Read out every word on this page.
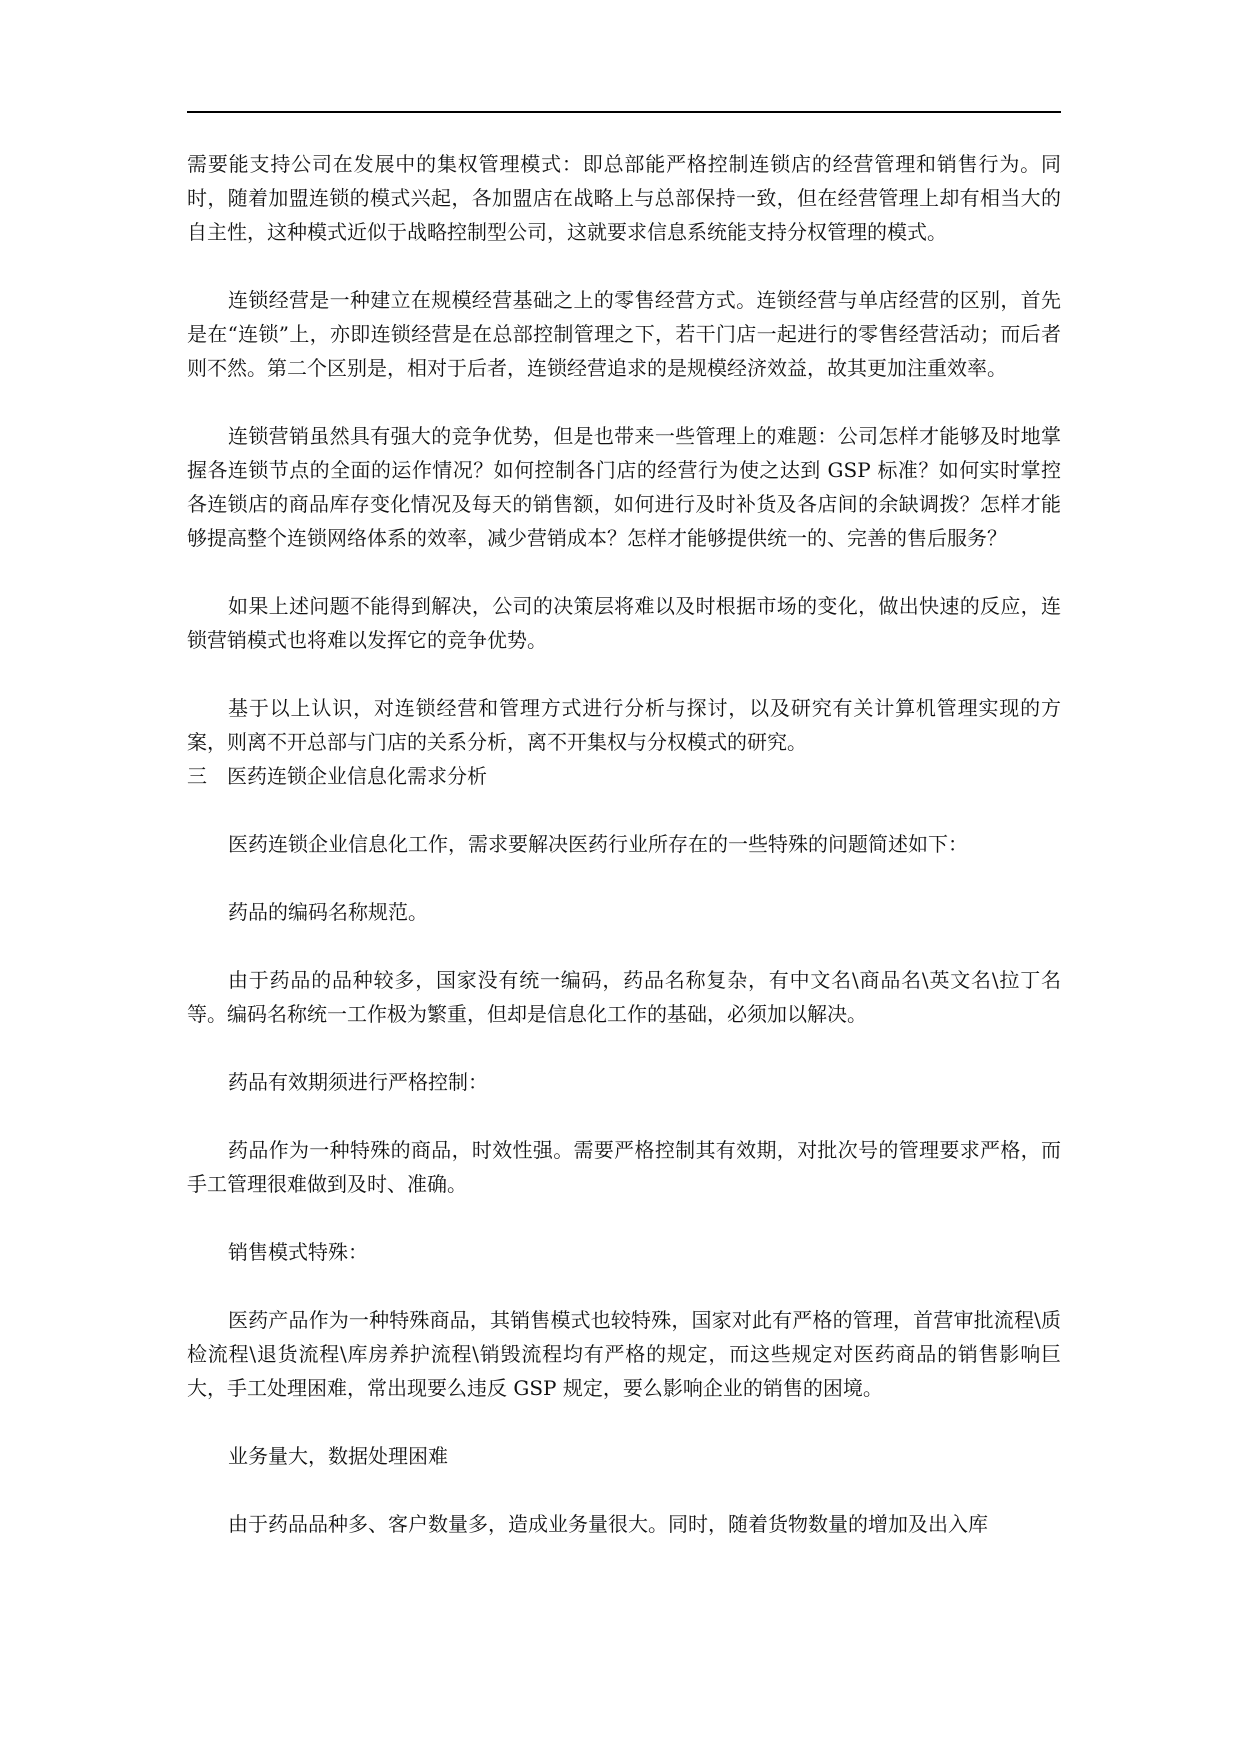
需要能支持公司在发展中的集权管理模式：即总部能严格控制连锁店的经营管理和销售行为。同时，随着加盟连锁的模式兴起，各加盟店在战略上与总部保持一致，但在经营管理上却有相当大的自主性，这种模式近似于战略控制型公司，这就要求信息系统能支持分权管理的模式。

连锁经营是一种建立在规模经营基础之上的零售经营方式。连锁经营与单店经营的区别，首先是在“连锁”上，亦即连锁经营是在总部控制管理之下，若干门店一起进行的零售经营活动；而后者则不然。第二个区别是，相对于后者，连锁经营追求的是规模经济效益，故其更加注重效率。

连锁营销虽然具有强大的竞争优势，但是也带来一些管理上的难题：公司怎样才能够及时地掌握各连锁节点的全面的运作情况？如何控制各门店的经营行为使之达到 GSP 标准？如何实时掌控各连锁店的商品库存变化情况及每天的销售额，如何进行及时补货及各店间的余缺调拨？怎样才能够提高整个连锁网络体系的效率，减少营销成本？怎样才能够提供统一的、完善的售后服务？

如果上述问题不能得到解决，公司的决策层将难以及时根据市场的变化，做出快速的反应，连锁营销模式也将难以发挥它的竞争优势。

基于以上认识，对连锁经营和管理方式进行分析与探讨，以及研究有关计算机管理实现的方案，则离不开总部与门店的关系分析，离不开集权与分权模式的研究。

三　医药连锁企业信息化需求分析

医药连锁企业信息化工作，需求要解决医药行业所存在的一些特殊的问题简述如下：

药品的编码名称规范。

由于药品的品种较多，国家没有统一编码，药品名称复杂，有中文名\商品名\英文名\拉丁名等。编码名称统一工作极为繁重，但却是信息化工作的基础，必须加以解决。

药品有效期须进行严格控制：

药品作为一种特殊的商品，时效性强。需要严格控制其有效期，对批次号的管理要求严格，而手工管理很难做到及时、准确。

销售模式特殊：

医药产品作为一种特殊商品，其销售模式也较特殊，国家对此有严格的管理，首营审批流程\质检流程\退货流程\库房养护流程\销毁流程均有严格的规定，而这些规定对医药商品的销售影响巨大，手工处理困难，常出现要么违反 GSP 规定，要么影响企业的销售的困境。

业务量大，数据处理困难

由于药品品种多、客户数量多，造成业务量很大。同时，随着货物数量的增加及出入库
